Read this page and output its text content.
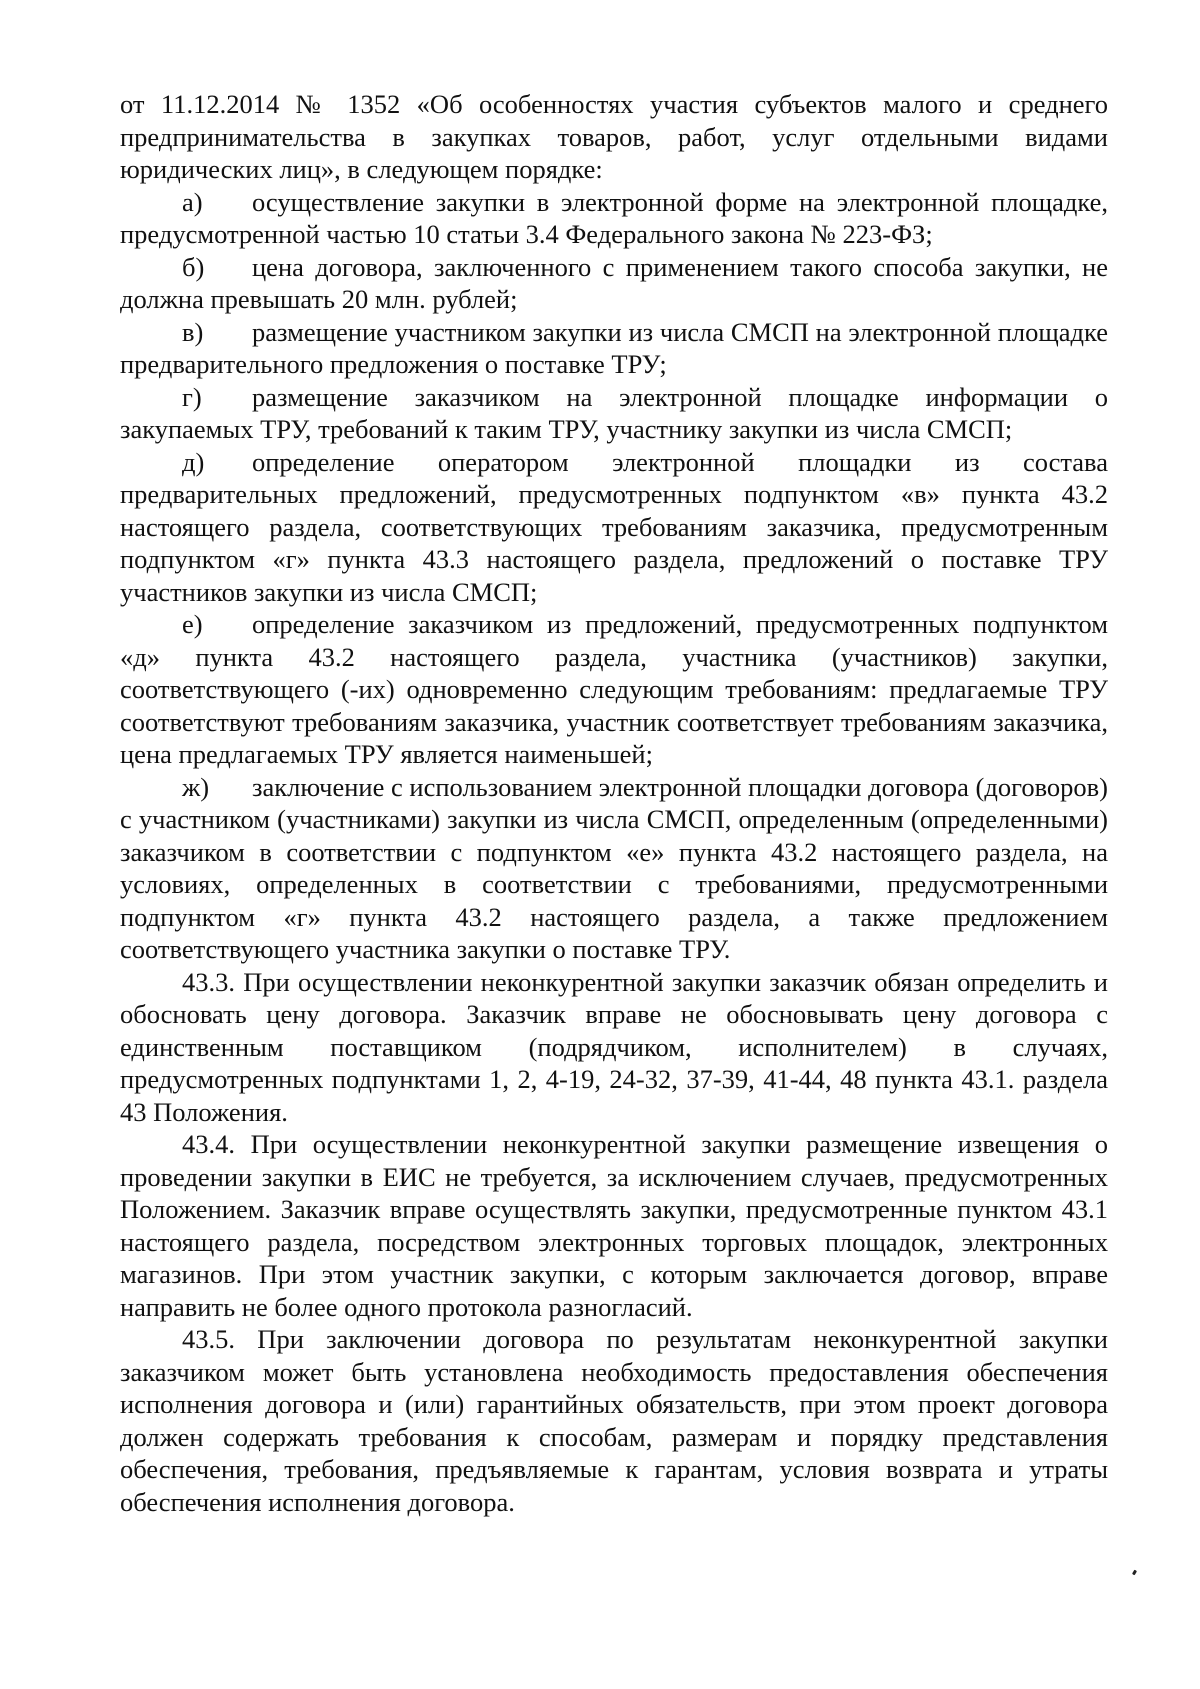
от 11.12.2014 № 1352 «Об особенностях участия субъектов малого и среднего предпринимательства в закупках товаров, работ, услуг отдельными видами юридических лиц», в следующем порядке:

а) осуществление закупки в электронной форме на электронной площадке, предусмотренной частью 10 статьи 3.4 Федерального закона № 223-ФЗ;

б) цена договора, заключенного с применением такого способа закупки, не должна превышать 20 млн. рублей;

в) размещение участником закупки из числа СМСП на электронной площадке предварительного предложения о поставке ТРУ;

г) размещение заказчиком на электронной площадке информации о закупаемых ТРУ, требований к таким ТРУ, участнику закупки из числа СМСП;

д) определение оператором электронной площадки из состава предварительных предложений, предусмотренных подпунктом «в» пункта 43.2 настоящего раздела, соответствующих требованиям заказчика, предусмотренным подпунктом «г» пункта 43.3 настоящего раздела, предложений о поставке ТРУ участников закупки из числа СМСП;

е) определение заказчиком из предложений, предусмотренных подпунктом «д» пункта 43.2 настоящего раздела, участника (участников) закупки, соответствующего (-их) одновременно следующим требованиям: предлагаемые ТРУ соответствуют требованиям заказчика, участник соответствует требованиям заказчика, цена предлагаемых ТРУ является наименьшей;

ж) заключение с использованием электронной площадки договора (договоров) с участником (участниками) закупки из числа СМСП, определенным (определенными) заказчиком в соответствии с подпунктом «е» пункта 43.2 настоящего раздела, на условиях, определенных в соответствии с требованиями, предусмотренными подпунктом «г» пункта 43.2 настоящего раздела, а также предложением соответствующего участника закупки о поставке ТРУ.

43.3. При осуществлении неконкурентной закупки заказчик обязан определить и обосновать цену договора. Заказчик вправе не обосновывать цену договора с единственным поставщиком (подрядчиком, исполнителем) в случаях, предусмотренных подпунктами 1, 2, 4-19, 24-32, 37-39, 41-44, 48 пункта 43.1. раздела 43 Положения.

43.4. При осуществлении неконкурентной закупки размещение извещения о проведении закупки в ЕИС не требуется, за исключением случаев, предусмотренных Положением. Заказчик вправе осуществлять закупки, предусмотренные пунктом 43.1 настоящего раздела, посредством электронных торговых площадок, электронных магазинов. При этом участник закупки, с которым заключается договор, вправе направить не более одного протокола разногласий.

43.5. При заключении договора по результатам неконкурентной закупки заказчиком может быть установлена необходимость предоставления обеспечения исполнения договора и (или) гарантийных обязательств, при этом проект договора должен содержать требования к способам, размерам и порядку представления обеспечения, требования, предъявляемые к гарантам, условия возврата и утраты обеспечения исполнения договора.
